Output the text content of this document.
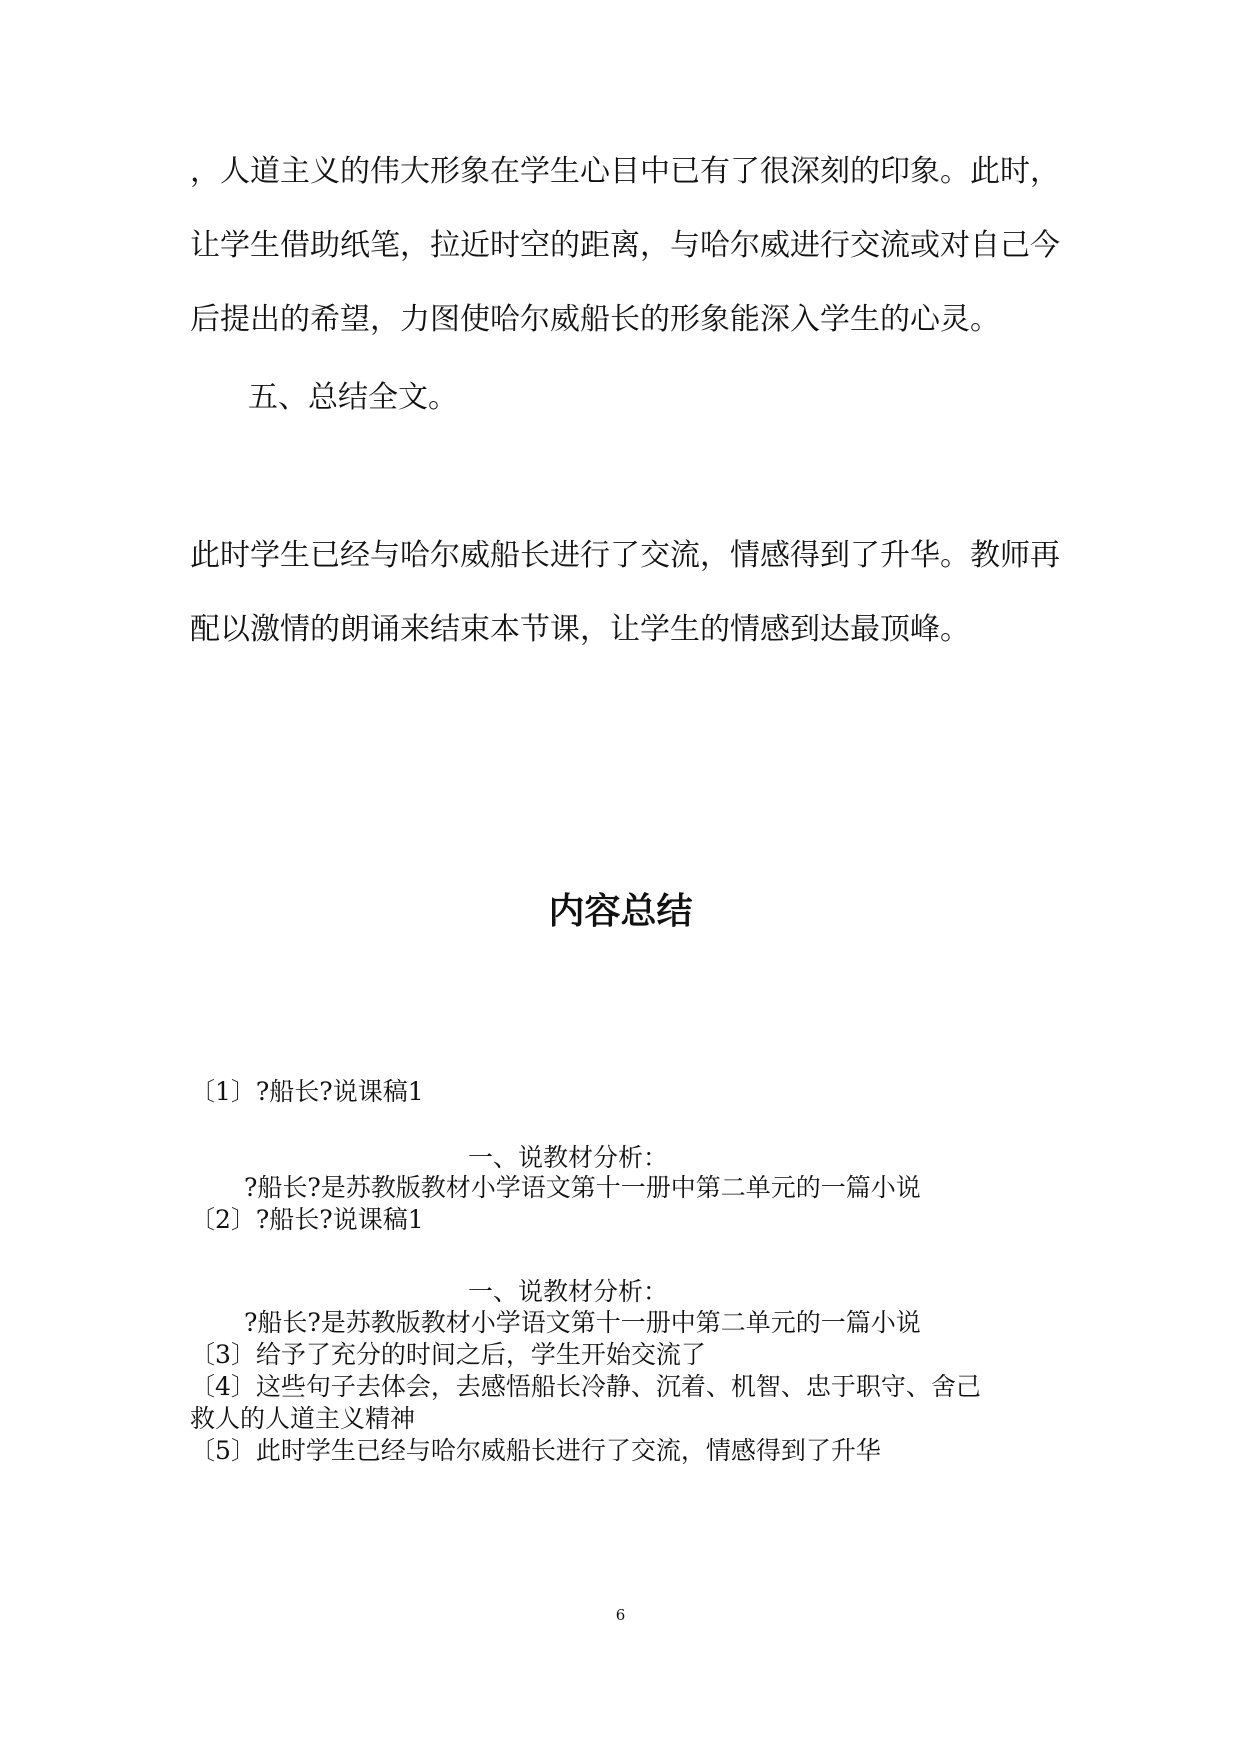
，人道主义的伟大形象在学生心目中已有了很深刻的印象。此时，
让学生借助纸笔，拉近时空的距离，与哈尔威进行交流或对自己今
后提出的希望，力图使哈尔威船长的形象能深入学生的心灵。
五、总结全文。
此时学生已经与哈尔威船长进行了交流，情感得到了升华。教师再
配以激情的朗诵来结束本节课，让学生的情感到达最顶峰。
内容总结
〔1〕?船长?说课稿1
一、说教材分析：
?船长?是苏教版教材小学语文第十一册中第二单元的一篇小说
〔2〕?船长?说课稿1
一、说教材分析：
?船长?是苏教版教材小学语文第十一册中第二单元的一篇小说
〔3〕给予了充分的时间之后，学生开始交流了
〔4〕这些句子去体会，去感悟船长冷静、沉着、机智、忠于职守、舍己
救人的人道主义精神
〔5〕此时学生已经与哈尔威船长进行了交流，情感得到了升华
6
